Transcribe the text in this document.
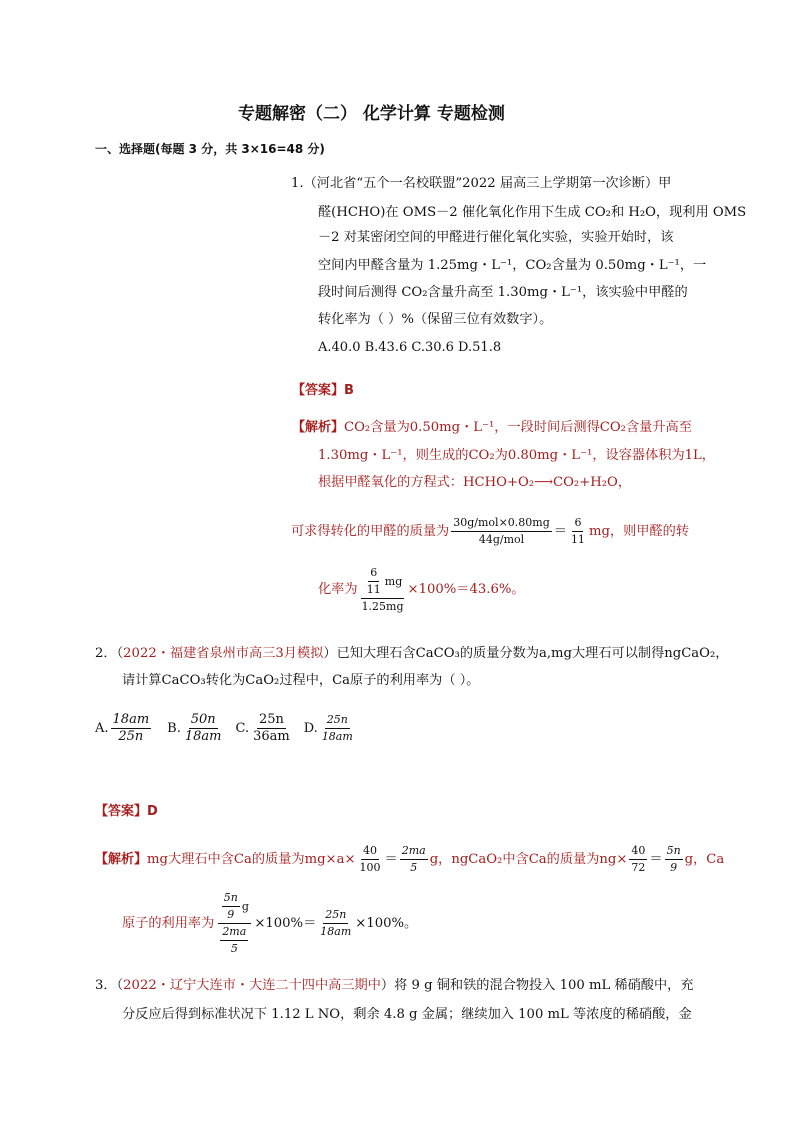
专题解密（二） 化学计算 专题检测
一、选择题(每题 3 分，共 3×16=48 分)
1.（河北省“五个一名校联盟”2022 届高三上学期第一次诊断）甲
醛(HCHO)在 OMS－2 催化氧化作用下生成 CO₂和 H₂O，现利用 OMS
－2 对某密闭空间的甲醛进行催化氧化实验，实验开始时，该
空间内甲醛含量为 1.25mg・L⁻¹，CO₂含量为 0.50mg・L⁻¹，一
段时间后测得 CO₂含量升高至 1.30mg・L⁻¹，该实验中甲醛的
转化率为（ ）%（保留三位有效数字）。
A.40.0 B.43.6 C.30.6 D.51.8
【答案】B
【解析】CO₂含量为0.50mg・L⁻¹，一段时间后测得CO₂含量升高至
1.30mg・L⁻¹，则生成的CO₂为0.80mg・L⁻¹，设容器体积为1L，
根据甲醛氧化的方程式：HCHO+O₂⟶CO₂+H₂O，
可求得转化的甲醛的质量为 $\frac{\text{30g/mol×0.80mg}}{\text{44g/mol}} = \frac{6}{11}$ mg，则甲醛的转
化率为 $\frac{\frac{6}{11} mg}{1.25mg} \times 100\%=43.6\%$。
2．（2022・福建省泉州市高三3月模拟）已知大理石含CaCO₃的质量分数为a,mg大理石可以制得ngCaO₂，
请计算CaCO₃转化为CaO₂过程中，Ca原子的利用率为（ ）。
A. $\frac{18am}{25n} B$. $\frac{50n}{18am} C$. $\frac{25n}{36am} D$. $\frac{25n}{18am}$
【答案】D
【解析】 mg大理石中含Ca的质量为$mg\times a\times \frac{40}{100} = \frac{2ma}{5}$ g，ngCaO₂中含Ca的质量为$ng\times \frac{40}{72} = \frac{5n}{9}$ g，Ca
原子的利用率为 $\frac{\frac{5n}{9} g}{\frac{2ma}{5}} \times 100\%= \frac{25n}{18am} \times 100\%$。
3．（2022・辽宁大连市・大连二十四中高三期中）将 9 g 铜和铁的混合物投入 100 mL 稀硝酸中，充
分反应后得到标准状况下 1.12 L NO，剩余 4.8 g 金属；继续加入 100 mL 等浓度的稀硝酸，金
